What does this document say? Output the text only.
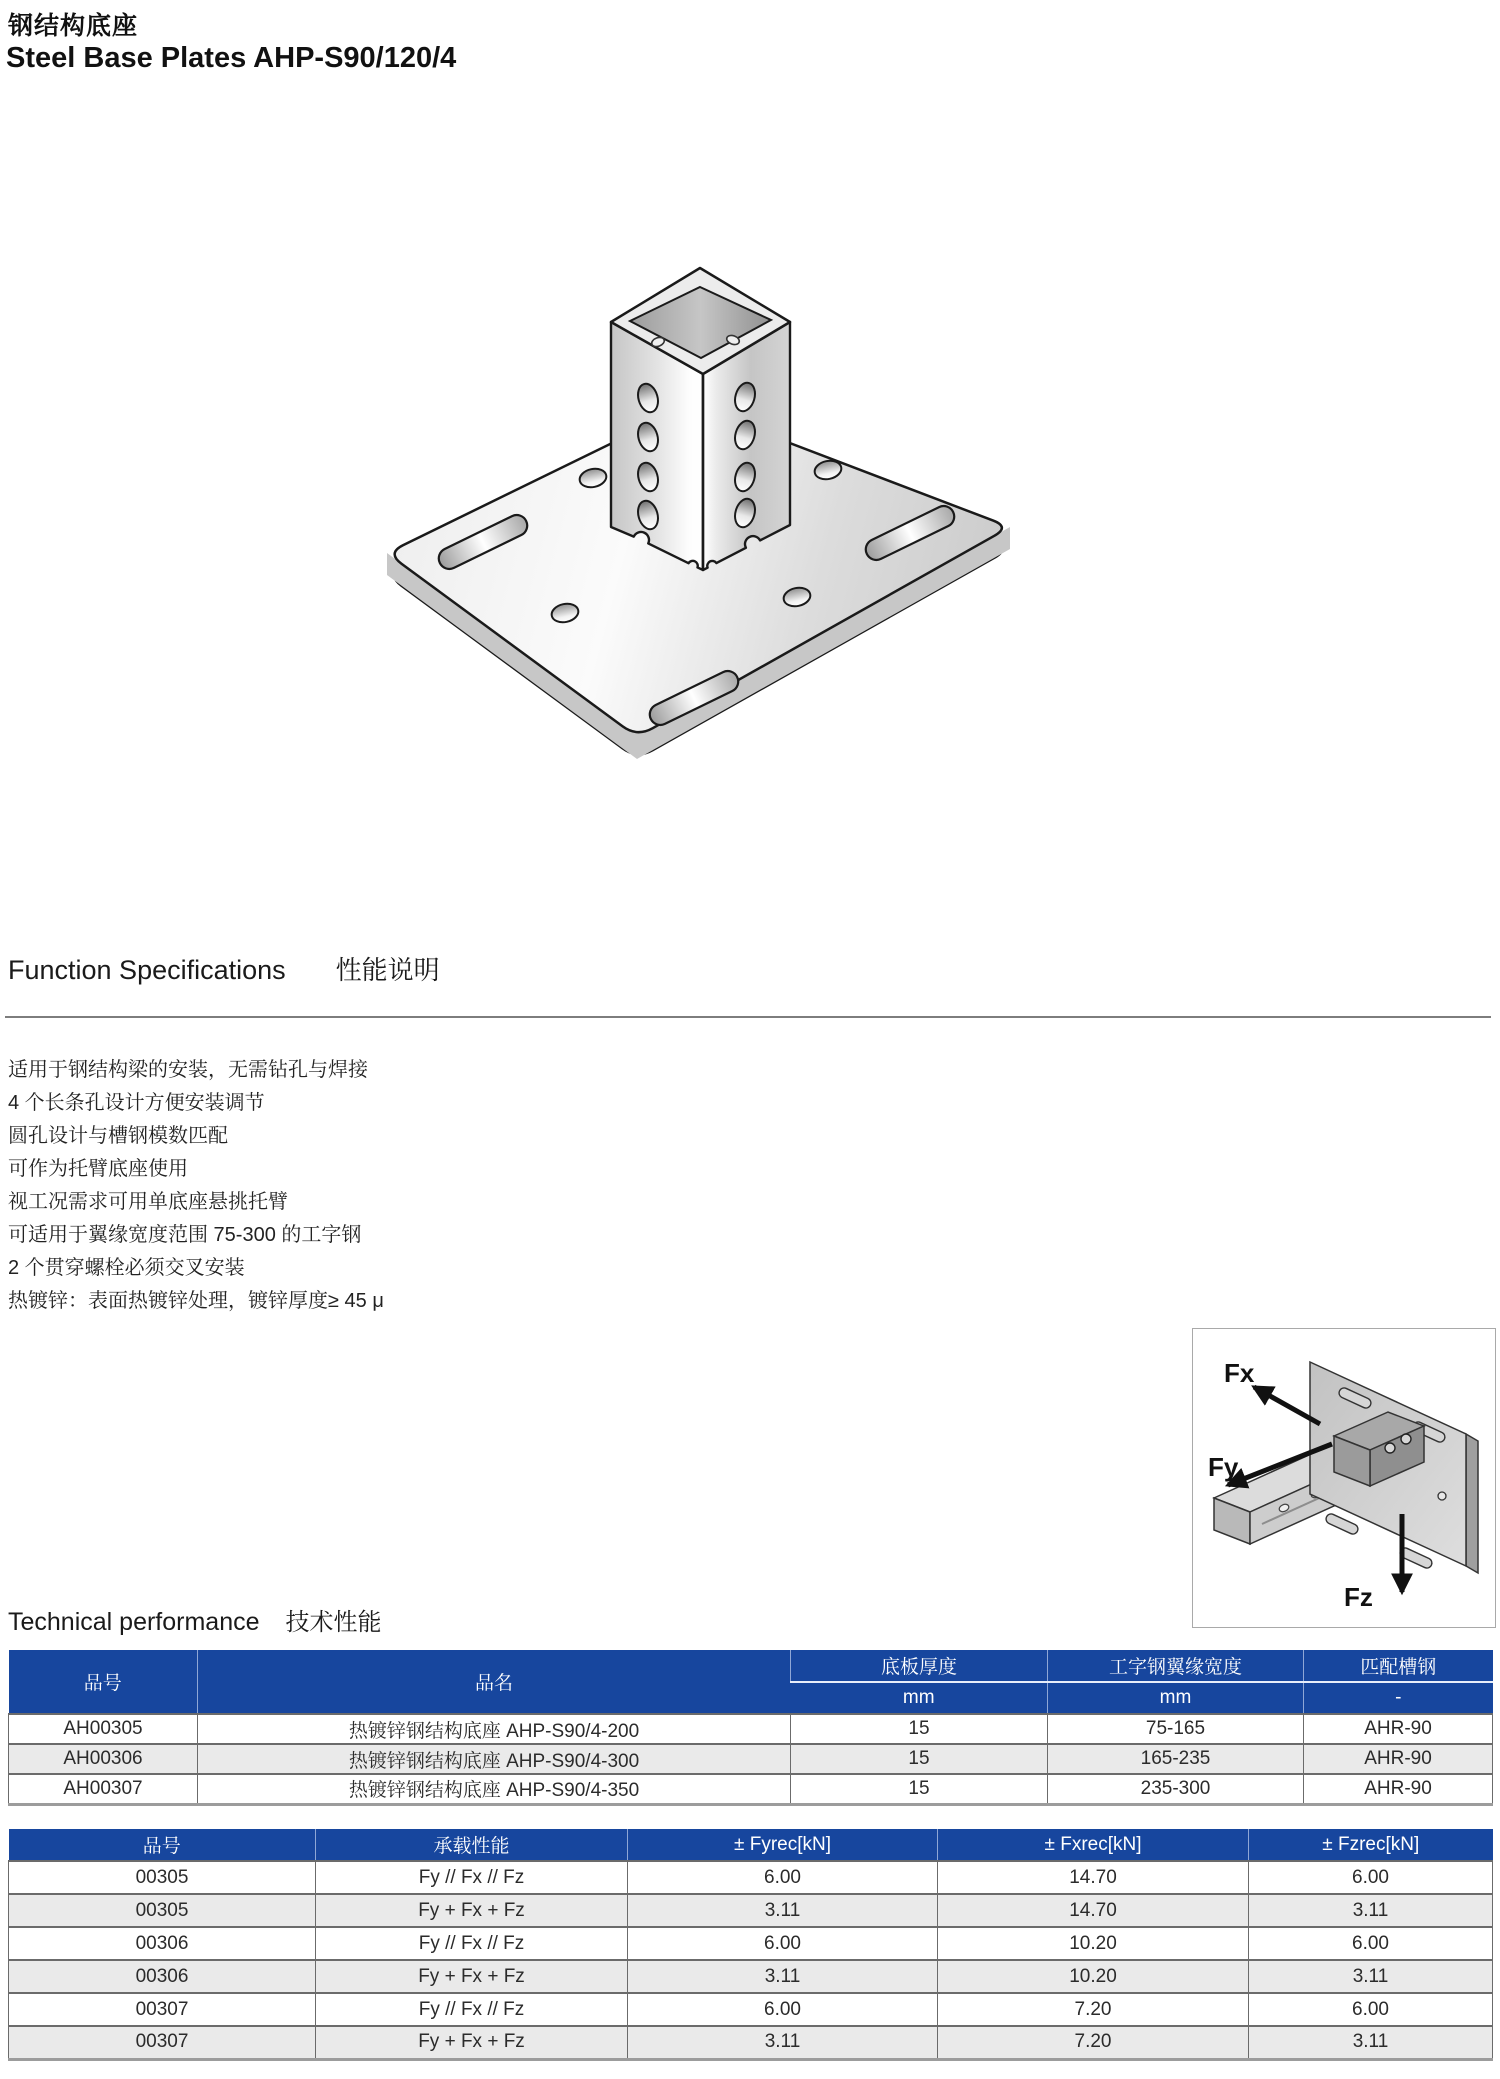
钢结构底座
Steel Base Plates AHP-S90/120/4
Function Specifications 性能说明
适用于钢结构梁的安装，无需钻孔与焊接
4 个长条孔设计方便安装调节
圆孔设计与槽钢模数匹配
可作为托臂底座使用
视工况需求可用单底座悬挑托臂
可适用于翼缘宽度范围 75-300 的工字钢
2 个贯穿螺栓必须交叉安装
热镀锌：表面热镀锌处理，镀锌厚度≥ 45 μ
Fx
Fy
Fz
Technical performance 技术性能
品号	品名	底板厚度	工字钢翼缘宽度	匹配槽钢
		mm	mm	-
AH00305	热镀锌钢结构底座 AHP-S90/4-200	15	75-165	AHR-90
AH00306	热镀锌钢结构底座 AHP-S90/4-300	15	165-235	AHR-90
AH00307	热镀锌钢结构底座 AHP-S90/4-350	15	235-300	AHR-90
品号	承载性能	± Fyrec[kN]	± Fxrec[kN]	± Fzrec[kN]
00305	Fy // Fx // Fz	6.00	14.70	6.00
00305	Fy + Fx + Fz	3.11	14.70	3.11
00306	Fy // Fx // Fz	6.00	10.20	6.00
00306	Fy + Fx + Fz	3.11	10.20	3.11
00307	Fy // Fx // Fz	6.00	7.20	6.00
00307	Fy + Fx + Fz	3.11	7.20	3.11
